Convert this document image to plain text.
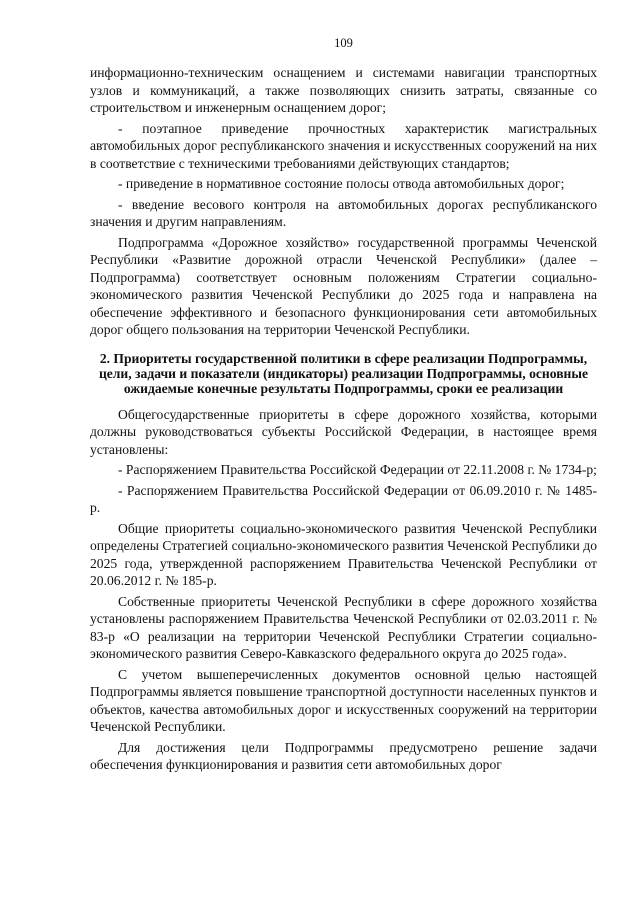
109

информационно-техническим оснащением и системами навигации транспортных узлов и коммуникаций, а также позволяющих снизить затраты, связанные со строительством и инженерным оснащением дорог;

- поэтапное приведение прочностных характеристик магистральных автомобильных дорог республиканского значения и искусственных сооружений на них в соответствие с техническими требованиями действующих стандартов;

- приведение в нормативное состояние полосы отвода автомобильных дорог;

- введение весового контроля на автомобильных дорогах республиканского значения и другим направлениям.

Подпрограмма «Дорожное хозяйство» государственной программы Чеченской Республики «Развитие дорожной отрасли Чеченской Республики» (далее – Подпрограмма) соответствует основным положениям Стратегии социально-экономического развития Чеченской Республики до 2025 года и направлена на обеспечение эффективного и безопасного функционирования сети автомобильных дорог общего пользования на территории Чеченской Республики.

2. Приоритеты государственной политики в сфере реализации Подпрограммы, цели, задачи и показатели (индикаторы) реализации Подпрограммы, основные ожидаемые конечные результаты Подпрограммы, сроки ее реализации

Общегосударственные приоритеты в сфере дорожного хозяйства, которыми должны руководствоваться субъекты Российской Федерации, в настоящее время установлены:

- Распоряжением Правительства Российской Федерации от 22.11.2008 г. № 1734-р;

- Распоряжением Правительства Российской Федерации от 06.09.2010 г. № 1485-р.

Общие приоритеты социально-экономического развития Чеченской Республики определены Стратегией социально-экономического развития Чеченской Республики до 2025 года, утвержденной распоряжением Правительства Чеченской Республики от 20.06.2012 г. № 185-р.

Собственные приоритеты Чеченской Республики в сфере дорожного хозяйства установлены распоряжением Правительства Чеченской Республики от 02.03.2011 г. № 83-р «О реализации на территории Чеченской Республики Стратегии социально-экономического развития Северо-Кавказского федерального округа до 2025 года».

С учетом вышеперечисленных документов основной целью настоящей Подпрограммы является повышение транспортной доступности населенных пунктов и объектов, качества автомобильных дорог и искусственных сооружений на территории Чеченской Республики.

Для достижения цели Подпрограммы предусмотрено решение задачи обеспечения функционирования и развития сети автомобильных дорог
